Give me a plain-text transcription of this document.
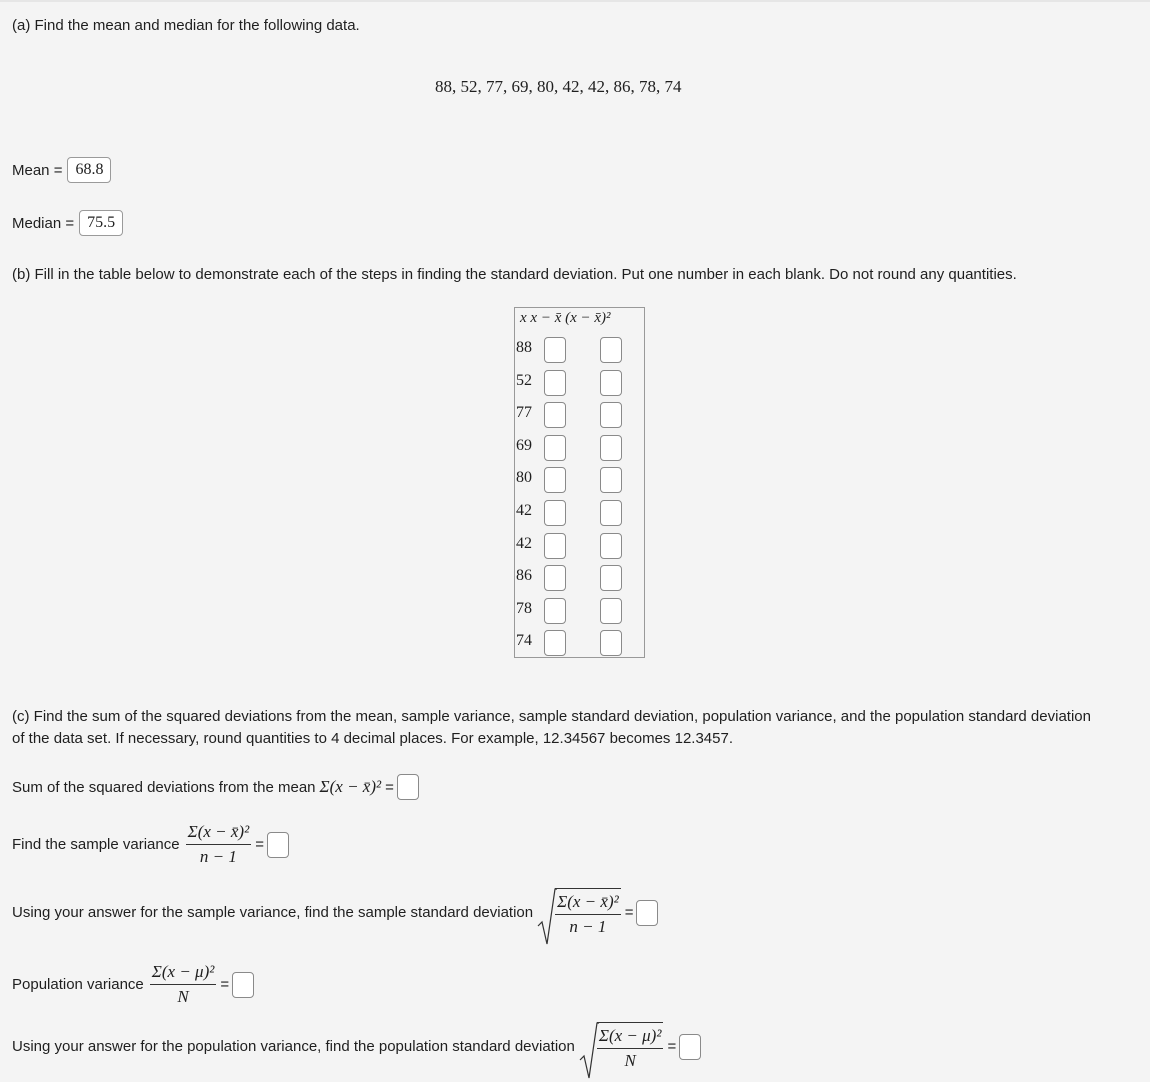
(a) Find the mean and median for the following data.
88, 52, 77, 69, 80, 42, 42, 86, 78, 74
Mean = 68.8
Median = 75.5
(b) Fill in the table below to demonstrate each of the steps in finding the standard deviation. Put one number in each blank. Do not round any quantities.
x x − x̄ (x − x̄)²
88
52
77
69
80
42
42
86
78
74
(c) Find the sum of the squared deviations from the mean, sample variance, sample standard deviation, population variance, and the population standard deviation
of the data set. If necessary, round quantities to 4 decimal places. For example, 12.34567 becomes 12.3457.
Sum of the squared deviations from the mean Σ(x − x̄)² =
Find the sample variance $\frac{\text{Σ(x − x̄)²}}{n - 1}$ =
Using your answer for the sample variance, find the sample standard deviation $\frac{\text{Σ(x − x̄)²}}{n - 1}$ =
Population variance $\frac{\text{Σ(x − μ)²}}{N}$ =
Using your answer for the population variance, find the population standard deviation $\frac{\text{Σ(x − μ)²}}{N}$ =
